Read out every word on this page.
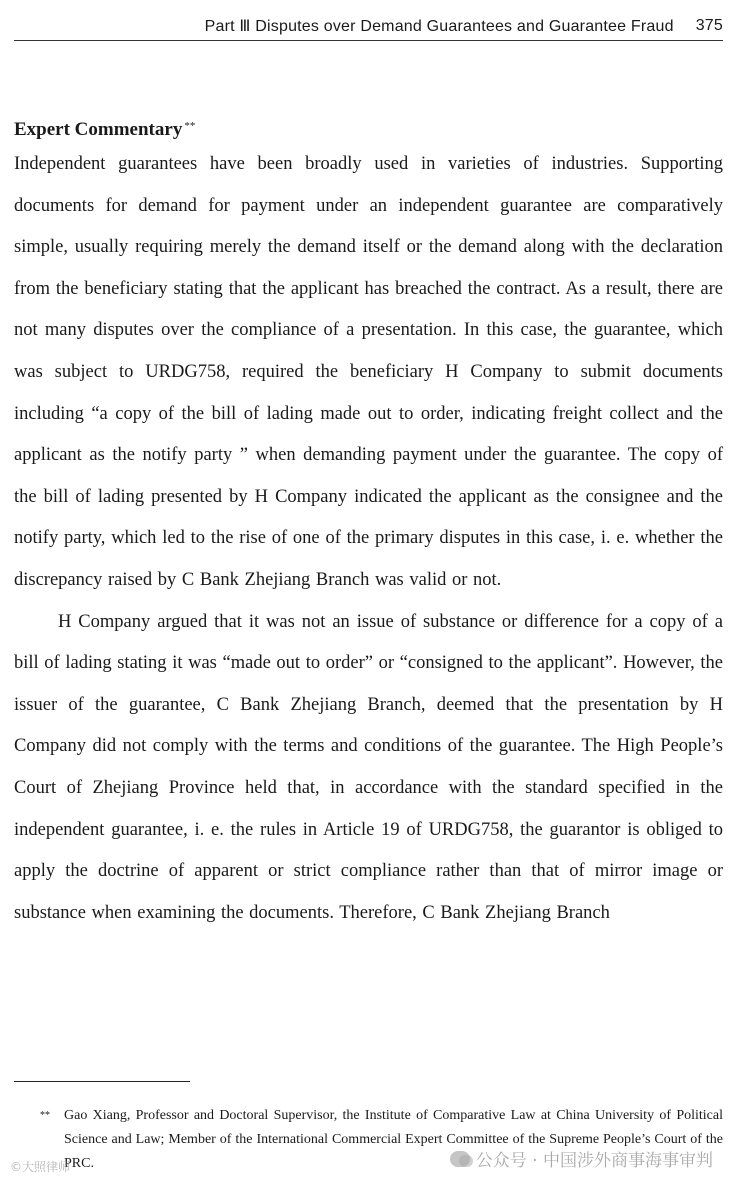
Part Ⅲ Disputes over Demand Guarantees and Guarantee Fraud 375

Expert Commentary **

Independent guarantees have been broadly used in varieties of industries. Supporting documents for demand for payment under an independent guarantee are comparatively simple, usually requiring merely the demand itself or the demand along with the declaration from the beneficiary stating that the applicant has breached the contract. As a result, there are not many disputes over the compliance of a presentation. In this case, the guarantee, which was subject to URDG758, required the beneficiary H Company to submit documents including “a copy of the bill of lading made out to order, indicating freight collect and the applicant as the notify party ” when demanding payment under the guarantee. The copy of the bill of lading presented by H Company indicated the applicant as the consignee and the notify party, which led to the rise of one of the primary disputes in this case, i. e. whether the discrepancy raised by C Bank Zhejiang Branch was valid or not.

H Company argued that it was not an issue of substance or difference for a copy of a bill of lading stating it was “made out to order” or “consigned to the applicant”. However, the issuer of the guarantee, C Bank Zhejiang Branch, deemed that the presentation by H Company did not comply with the terms and conditions of the guarantee. The High People’s Court of Zhejiang Province held that, in accordance with the standard specified in the independent guarantee, i. e. the rules in Article 19 of URDG758, the guarantor is obliged to apply the doctrine of apparent or strict compliance rather than that of mirror image or substance when examining the documents. Therefore, C Bank Zhejiang Branch

**	Gao Xiang, Professor and Doctoral Supervisor, the Institute of Comparative Law at China University of Political Science and Law; Member of the International Commercial Expert Committee of the Supreme People’s Court of the PRC.	公众号 · 中国涉外商事海事审判
©大照律师
